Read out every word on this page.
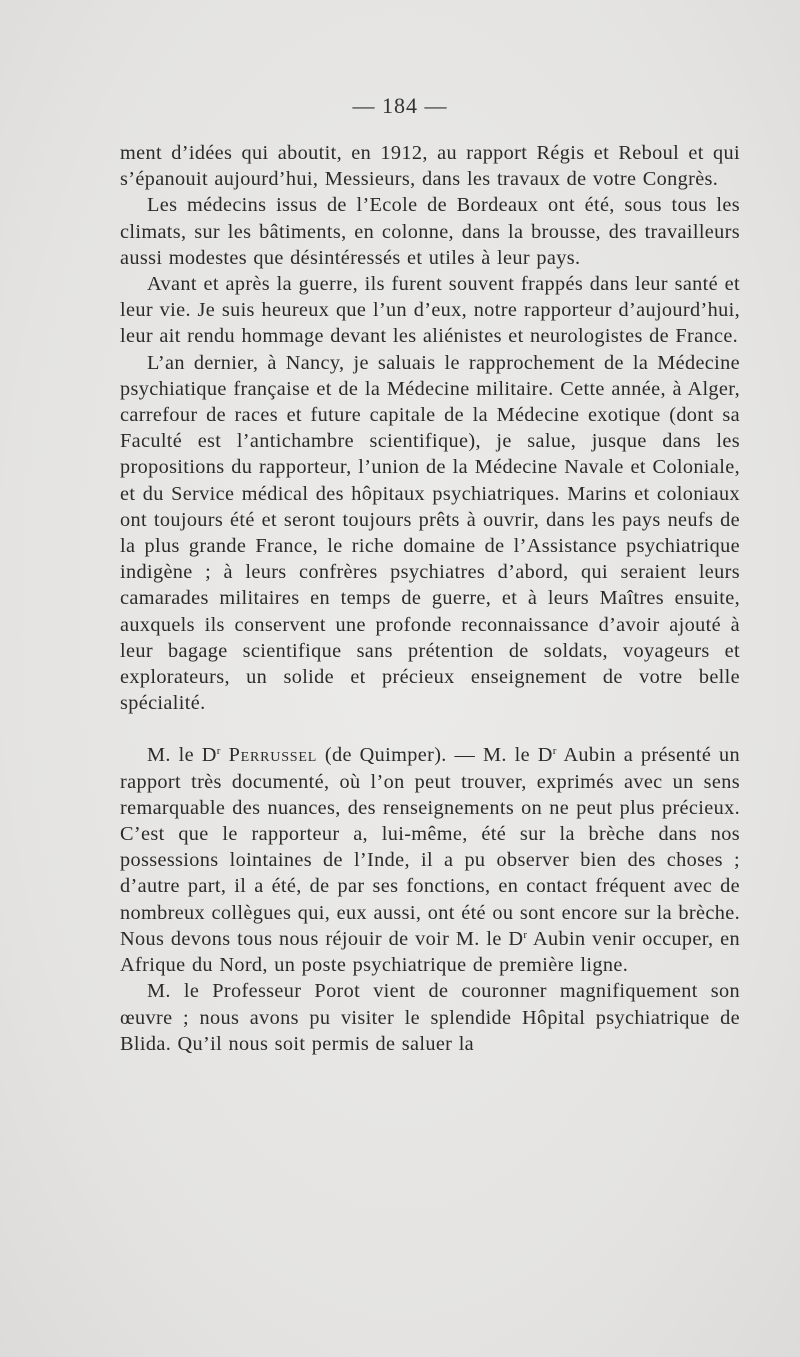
— 184 —

ment d’idées qui aboutit, en 1912, au rapport Régis et Reboul et qui s’épanouit aujourd’hui, Messieurs, dans les travaux de votre Congrès.

Les médecins issus de l’Ecole de Bordeaux ont été, sous tous les climats, sur les bâtiments, en colonne, dans la brousse, des travailleurs aussi modestes que désintéressés et utiles à leur pays.

Avant et après la guerre, ils furent souvent frappés dans leur santé et leur vie. Je suis heureux que l’un d’eux, notre rapporteur d’aujourd’hui, leur ait rendu hommage devant les aliénistes et neurologistes de France.

L’an dernier, à Nancy, je saluais le rapprochement de la Médecine psychiatique française et de la Médecine militaire. Cette année, à Alger, carrefour de races et future capitale de la Médecine exotique (dont sa Faculté est l’antichambre scientifique), je salue, jusque dans les propositions du rapporteur, l’union de la Médecine Navale et Coloniale, et du Service médical des hôpitaux psychiatriques. Marins et coloniaux ont toujours été et seront toujours prêts à ouvrir, dans les pays neufs de la plus grande France, le riche domaine de l’Assistance psychiatrique indigène ; à leurs confrères psychiatres d’abord, qui seraient leurs camarades militaires en temps de guerre, et à leurs Maîtres ensuite, auxquels ils conservent une profonde reconnaissance d’avoir ajouté à leur bagage scientifique sans prétention de soldats, voyageurs et explorateurs, un solide et précieux enseignement de votre belle spécialité.

M. le $D^r$ Perrussel (de Quimper). — M. le $D^r$ Aubin a présenté un rapport très documenté, où l’on peut trouver, exprimés avec un sens remarquable des nuances, des renseignements on ne peut plus précieux. C’est que le rapporteur a, lui-même, été sur la brèche dans nos possessions lointaines de l’Inde, il a pu observer bien des choses ; d’autre part, il a été, de par ses fonctions, en contact fréquent avec de nombreux collègues qui, eux aussi, ont été ou sont encore sur la brèche. Nous devons tous nous réjouir de voir M. le $D^r$ Aubin venir occuper, en Afrique du Nord, un poste psychiatrique de première ligne.

M. le Professeur Porot vient de couronner magnifiquement son œuvre ; nous avons pu visiter le splendide Hôpital psychiatrique de Blida. Qu’il nous soit permis de saluer la
